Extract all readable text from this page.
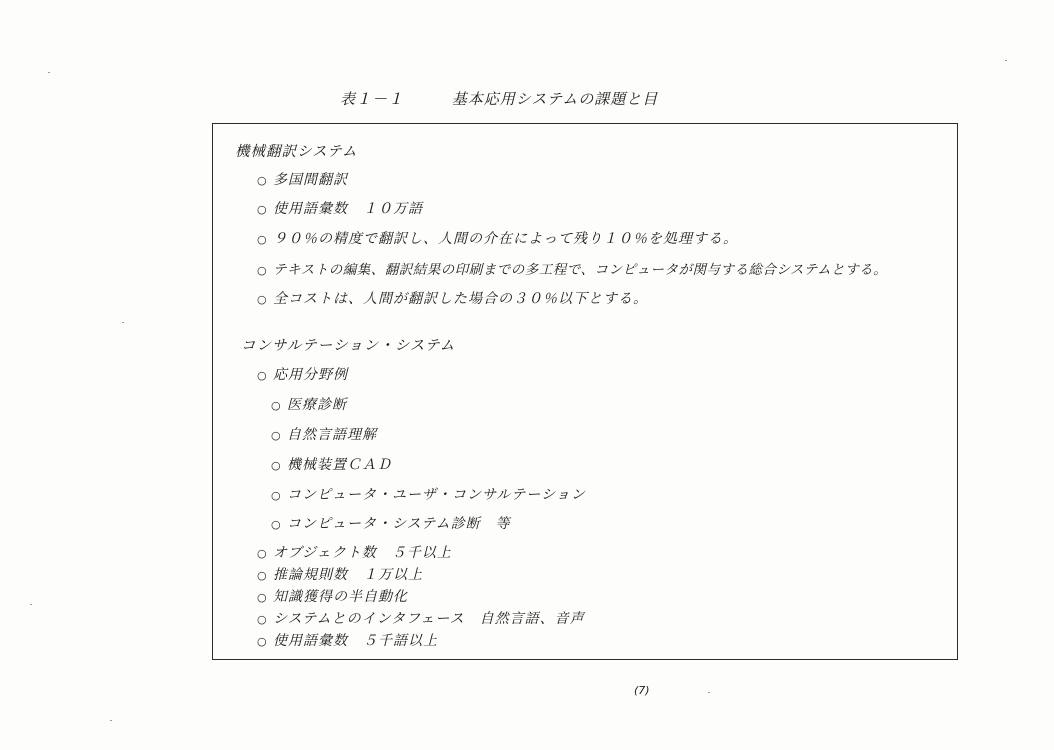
表１－１	基本応用システムの課題と目
機械翻訳システム
○ 多国間翻訳
○ 使用語彙数　１０万語
○ ９０％の精度で翻訳し、人間の介在によって残り１０％を処理する。
○ テキストの編集、翻訳結果の印刷までの多工程で、コンピュータが関与する総合システムとする。
○ 全コストは、人間が翻訳した場合の３０％以下とする。
コンサルテーション・システム
○ 応用分野例
○ 医療診断
○ 自然言語理解
○ 機械装置ＣＡＤ
○ コンピュータ・ユーザ・コンサルテーション
○ コンピュータ・システム診断　等
○ オブジェクト数　５千以上
○ 推論規則数　１万以上
○ 知識獲得の半自動化
○ システムとのインタフェース　自然言語、音声
○ 使用語彙数　５千語以上
(7)
